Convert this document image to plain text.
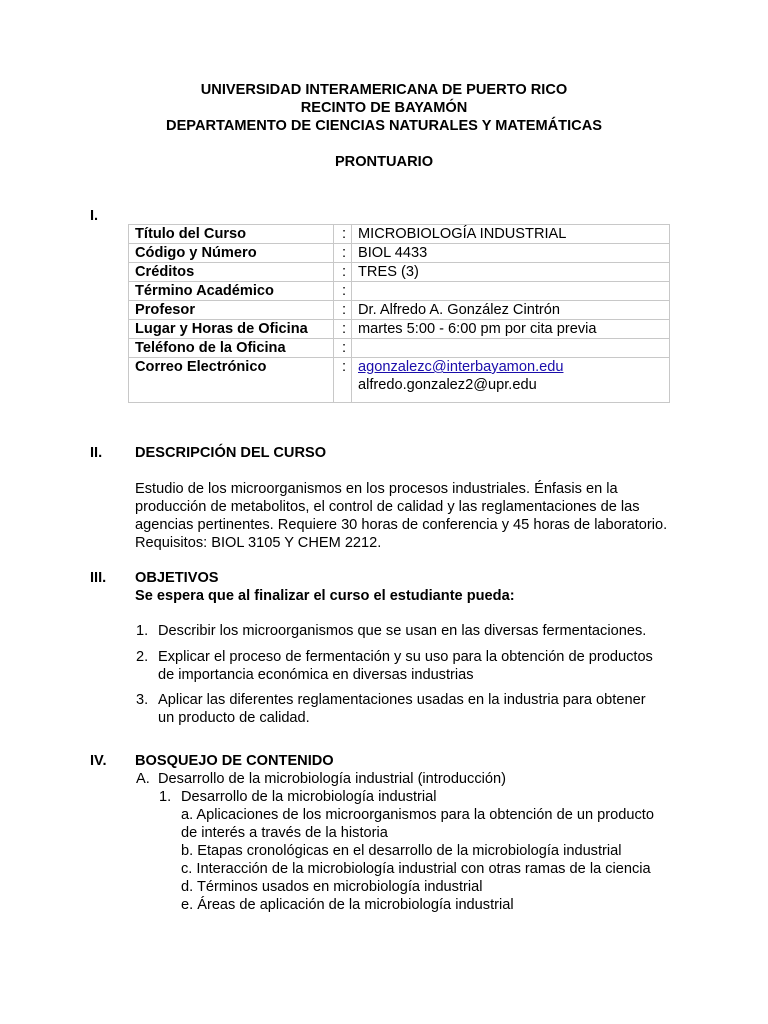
UNIVERSIDAD INTERAMERICANA DE PUERTO RICO
RECINTO DE BAYAMÓN
DEPARTAMENTO DE CIENCIAS NATURALES Y MATEMÁTICAS
PRONTUARIO
I.
Título del Curso	:	MICROBIOLOGÍA INDUSTRIAL
Código y Número	:	BIOL 4433
Créditos	:	TRES (3)
Término Académico	:	
Profesor	:	Dr. Alfredo A. González Cintrón
Lugar y Horas de Oficina	:	martes 5:00 - 6:00 pm por cita previa
Teléfono de la Oficina	:	
Correo Electrónico	:	agonzalezc@interbayamon.edu
alfredo.gonzalez2@upr.edu
II. DESCRIPCIÓN DEL CURSO
Estudio de los microorganismos en los procesos industriales. Énfasis en la producción de metabolitos, el control de calidad y las reglamentaciones de las agencias pertinentes. Requiere 30 horas de conferencia y 45 horas de laboratorio. Requisitos: BIOL 3105 Y CHEM 2212.
III. OBJETIVOS
Se espera que al finalizar el curso el estudiante pueda:
1. Describir los microorganismos que se usan en las diversas fermentaciones.
2. Explicar el proceso de fermentación y su uso para la obtención de productos
de importancia económica en diversas industrias
3. Aplicar las diferentes reglamentaciones usadas en la industria para obtener
un producto de calidad.
IV. BOSQUEJO DE CONTENIDO
A. Desarrollo de la microbiología industrial (introducción)
1. Desarrollo de la microbiología industrial
a. Aplicaciones de los microorganismos para la obtención de un producto
de interés a través de la historia
b. Etapas cronológicas en el desarrollo de la microbiología industrial
c. Interacción de la microbiología industrial con otras ramas de la ciencia
d. Términos usados en microbiología industrial
e. Áreas de aplicación de la microbiología industrial
